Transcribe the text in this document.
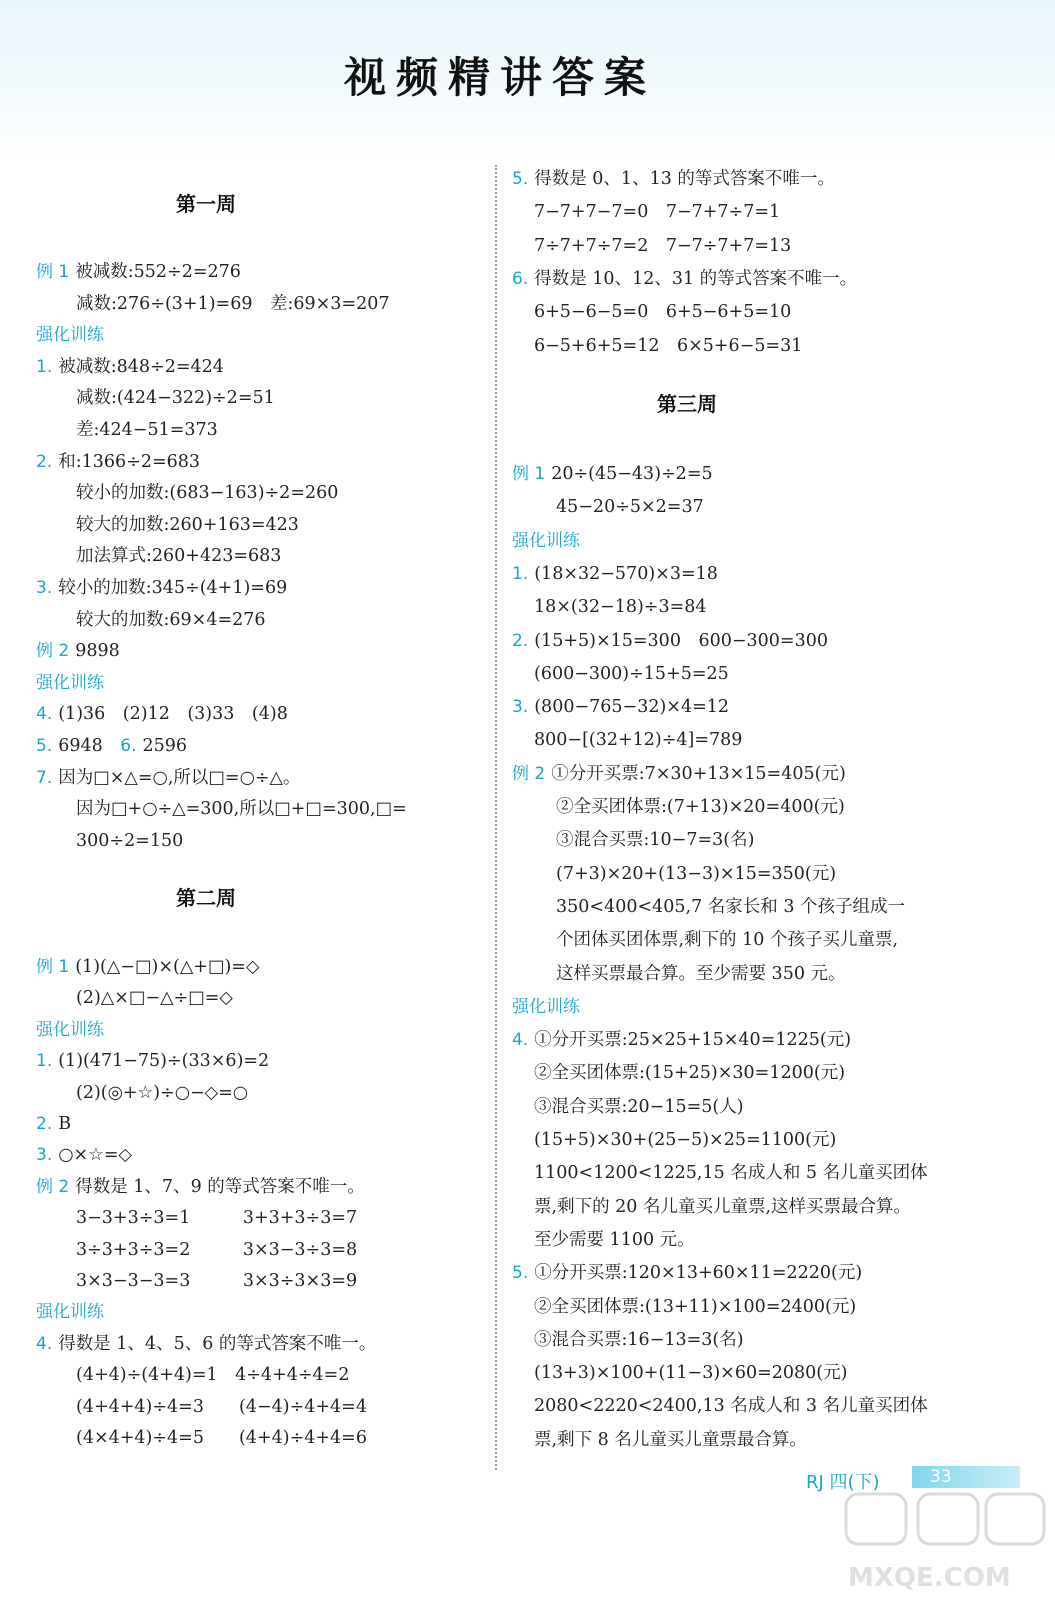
视频精讲答案
第一周
例 1 被减数:552÷2=276
减数:276÷(3+1)=69　差:69×3=207
强化训练
1. 被减数:848÷2=424
减数:(424−322)÷2=51
差:424−51=373
2. 和:1366÷2=683
较小的加数:(683−163)÷2=260
较大的加数:260+163=423
加法算式:260+423=683
3. 较小的加数:345÷(4+1)=69
较大的加数:69×4=276
例 2 9898
强化训练
4. (1)36　(2)12　(3)33　(4)8
5. 6948　6. 2596
7. 因为□×△=○,所以□=○÷△。
因为□+○÷△=300,所以□+□=300,□=
300÷2=150
第二周
例 1 (1)(△−□)×(△+□)=◇
(2)△×□−△÷□=◇
强化训练
1. (1)(471−75)÷(33×6)=2
(2)(◎+☆)÷○−◇=○
2. B
3. ○×☆=◇
例 2 得数是 1、7、9 的等式答案不唯一。
3−3+3÷3=1　　　3+3+3÷3=7
3÷3+3÷3=2　　　3×3−3÷3=8
3×3−3−3=3　　　3×3÷3×3=9
强化训练
4. 得数是 1、4、5、6 的等式答案不唯一。
(4+4)÷(4+4)=1　4÷4+4÷4=2
(4+4+4)÷4=3　　(4−4)÷4+4=4
(4×4+4)÷4=5　　(4+4)÷4+4=6
5. 得数是 0、1、13 的等式答案不唯一。
7−7+7−7=0　7−7+7÷7=1
7÷7+7÷7=2　7−7÷7+7=13
6. 得数是 10、12、31 的等式答案不唯一。
6+5−6−5=0　6+5−6+5=10
6−5+6+5=12　6×5+6−5=31
第三周
例 1 20÷(45−43)÷2=5
45−20÷5×2=37
强化训练
1. (18×32−570)×3=18
18×(32−18)÷3=84
2. (15+5)×15=300　600−300=300
(600−300)÷15+5=25
3. (800−765−32)×4=12
800−[(32+12)÷4]=789
例 2 ①分开买票:7×30+13×15=405(元)
②全买团体票:(7+13)×20=400(元)
③混合买票:10−7=3(名)
(7+3)×20+(13−3)×15=350(元)
350<400<405,7 名家长和 3 个孩子组成一
个团体买团体票,剩下的 10 个孩子买儿童票,
这样买票最合算。至少需要 350 元。
强化训练
4. ①分开买票:25×25+15×40=1225(元)
②全买团体票:(15+25)×30=1200(元)
③混合买票:20−15=5(人)
(15+5)×30+(25−5)×25=1100(元)
1100<1200<1225,15 名成人和 5 名儿童买团体
票,剩下的 20 名儿童买儿童票,这样买票最合算。
至少需要 1100 元。
5. ①分开买票:120×13+60×11=2220(元)
②全买团体票:(13+11)×100=2400(元)
③混合买票:16−13=3(名)
(13+3)×100+(11−3)×60=2080(元)
2080<2220<2400,13 名成人和 3 名儿童买团体
票,剩下 8 名儿童买儿童票最合算。
RJ 四(下)	33
MXQE.COM
